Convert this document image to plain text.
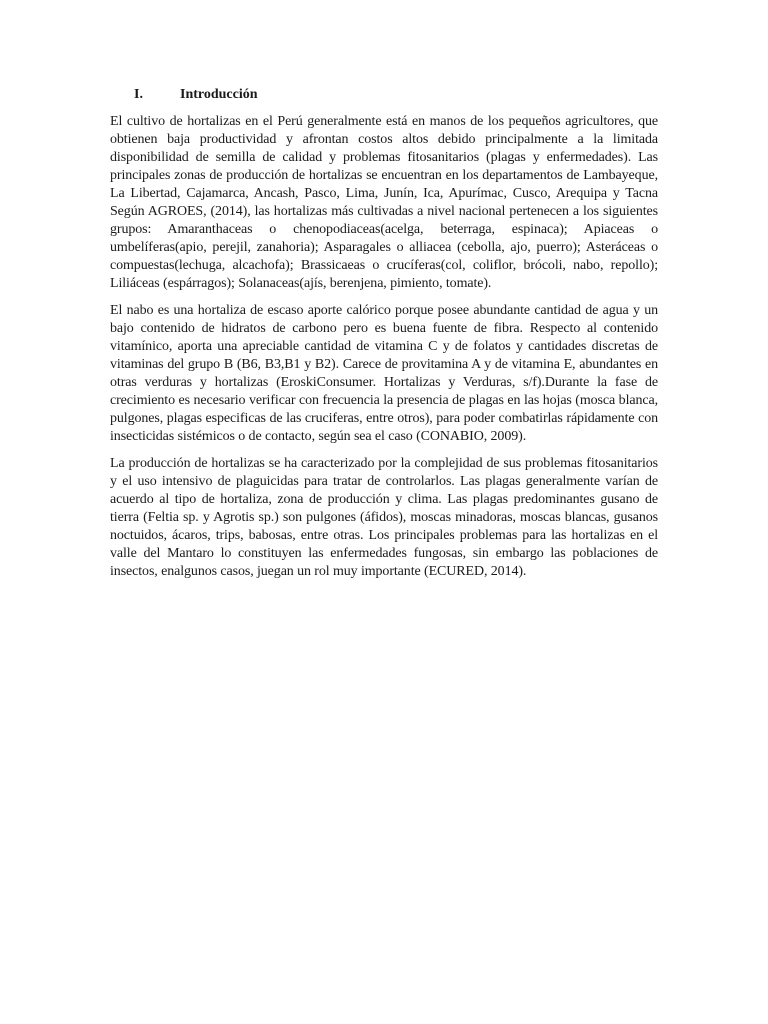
I.	Introducción

El cultivo de hortalizas en el Perú generalmente está en manos de los pequeños agricultores, que obtienen baja productividad y afrontan costos altos debido principalmente a la limitada disponibilidad de semilla de calidad y problemas fitosanitarios (plagas y enfermedades). Las principales zonas de producción de hortalizas se encuentran en los departamentos de Lambayeque, La Libertad, Cajamarca, Ancash, Pasco, Lima, Junín, Ica, Apurímac, Cusco, Arequipa y Tacna Según AGROES, (2014), las hortalizas más cultivadas a nivel nacional pertenecen a los siguientes grupos: Amaranthaceas o chenopodiaceas(acelga, beterraga, espinaca); Apiaceas o umbelíferas(apio, perejil, zanahoria); Asparagales o alliacea (cebolla, ajo, puerro); Asteráceas o compuestas(lechuga, alcachofa); Brassicaeas o crucíferas(col, coliflor, brócoli, nabo, repollo); Liliáceas (espárragos); Solanaceas(ajís, berenjena, pimiento, tomate).

El nabo es una hortaliza de escaso aporte calórico porque posee abundante cantidad de agua y un bajo contenido de hidratos de carbono pero es buena fuente de fibra. Respecto al contenido vitamínico, aporta una apreciable cantidad de vitamina C y de folatos y cantidades discretas de vitaminas del grupo B (B6, B3,B1 y B2). Carece de provitamina A y de vitamina E, abundantes en otras verduras y hortalizas (EroskiConsumer. Hortalizas y Verduras, s/f).Durante la fase de crecimiento es necesario verificar con frecuencia la presencia de plagas en las hojas (mosca blanca, pulgones, plagas especificas de las cruciferas, entre otros), para poder combatirlas rápidamente con insecticidas sistémicos o de contacto, según sea el caso (CONABIO, 2009).

La producción de hortalizas se ha caracterizado por la complejidad de sus problemas fitosanitarios y el uso intensivo de plaguicidas para tratar de controlarlos. Las plagas generalmente varían de acuerdo al tipo de hortaliza, zona de producción y clima. Las plagas predominantes gusano de tierra (Feltia sp. y Agrotis sp.) son pulgones (áfidos), moscas minadoras, moscas blancas, gusanos noctuidos, ácaros, trips, babosas, entre otras. Los principales problemas para las hortalizas en el valle del Mantaro lo constituyen las enfermedades fungosas, sin embargo las poblaciones de insectos, enalgunos casos, juegan un rol muy importante (ECURED, 2014).
